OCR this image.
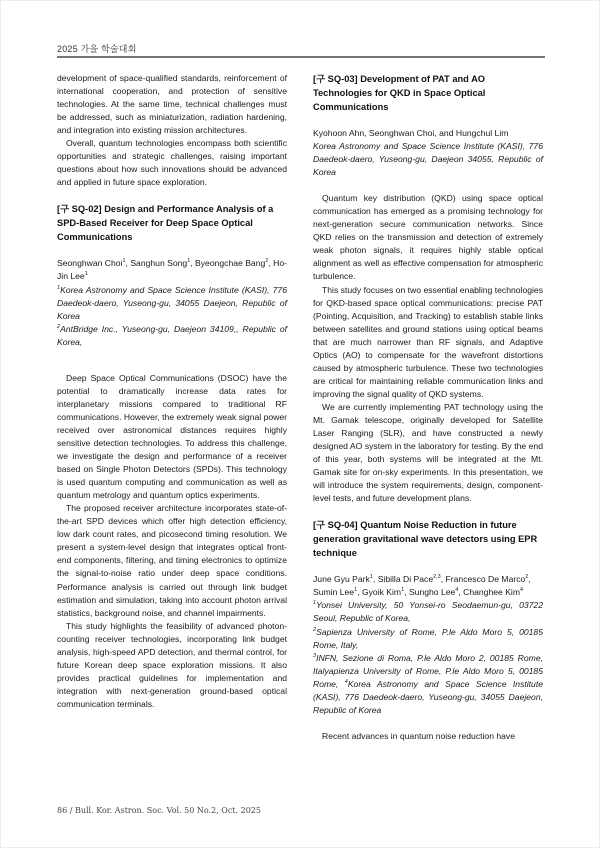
2025 가을 학술대회

development of space-qualified standards, reinforcement of international cooperation, and protection of sensitive technologies. At the same time, technical challenges must be addressed, such as miniaturization, radiation hardening, and integration into existing mission architectures.

Overall, quantum technologies encompass both scientific opportunities and strategic challenges, raising important questions about how such innovations should be advanced and applied in future space exploration.

[구 SQ-02] Design and Performance Analysis of a SPD-Based Receiver for Deep Space Optical Communications

Seonghwan Choi$^1$, Sanghun Song$^1$, Byeongchae Bang$^2$, Ho-Jin Lee$^1$

$^1$Korea Astronomy and Space Science Institute (KASI), 776 Daedeok-daero, Yuseong-gu, 34055 Daejeon, Republic of Korea

$^2$AntBridge Inc., Yuseong-gu, Daejeon 34109,, Republic of Korea,

Deep Space Optical Communications (DSOC) have the potential to dramatically increase data rates for interplanetary missions compared to traditional RF communications. However, the extremely weak signal power received over astronomical distances requires highly sensitive detection technologies. To address this challenge, we investigate the design and performance of a receiver based on Single Photon Detectors (SPDs). This technology is used quantum computing and communication as well as quantum metrology and quantum optics experiments.

The proposed receiver architecture incorporates state-of-the-art SPD devices which offer high detection efficiency, low dark count rates, and picosecond timing resolution. We present a system-level design that integrates optical front-end components, filtering, and timing electronics to optimize the signal-to-noise ratio under deep space conditions. Performance analysis is carried out through link budget estimation and simulation, taking into account photon arrival statistics, background noise, and channel impairments.

This study highlights the feasibility of advanced photon-counting receiver technologies, incorporating link budget analysis, high-speed APD detection, and thermal control, for future Korean deep space exploration missions. It also provides practical guidelines for implementation and integration with next-generation ground-based optical communication terminals.

[구 SQ-03] Development of PAT and AO Technologies for QKD in Space Optical Communications

Kyohoon Ahn, Seonghwan Choi, and Hungchul Lim

Korea Astronomy and Space Science Institute (KASI), 776 Daedeok-daero, Yuseong-gu, Daejeon 34055, Republic of Korea

Quantum key distribution (QKD) using space optical communication has emerged as a promising technology for next-generation secure communication networks. Since QKD relies on the transmission and detection of extremely weak photon signals, it requires highly stable optical alignment as well as effective compensation for atmospheric turbulence.

This study focuses on two essential enabling technologies for QKD-based space optical communications: precise PAT (Pointing, Acquisition, and Tracking) to establish stable links between satellites and ground stations using optical beams that are much narrower than RF signals, and Adaptive Optics (AO) to compensate for the wavefront distortions caused by atmospheric turbulence. These two technologies are critical for maintaining reliable communication links and improving the signal quality of QKD systems.

We are currently implementing PAT technology using the Mt. Gamak telescope, originally developed for Satellite Laser Ranging (SLR), and have constructed a newly designed AO system in the laboratory for testing. By the end of this year, both systems will be integrated at the Mt. Gamak site for on-sky experiments. In this presentation, we will introduce the system requirements, design, component-level tests, and future development plans.

[구 SQ-04] Quantum Noise Reduction in future generation gravitational wave detectors using EPR technique

June Gyu Park$^1$, Sibilla Di Pace$^{2,3}$, Francesco De Marco$^2$, Sumin Lee$^1$, Gyoik Kim$^1$, Sungho Lee$^4$, Changhee Kim$^4$

$^1$Yonsei University, 50 Yonsei-ro Seodaemun-gu, 03722 Seoul, Republic of Korea,

$^2$Sapienza University of Rome, P.le Aldo Moro 5, 00185 Rome, Italy,

$^3$INFN, Sezione di Roma, P.le Aldo Moro 2, 00185 Rome, Italyapienza University of Rome, P.le Aldo Moro 5, 00185 Rome, $^4$Korea Astronomy and Space Science Institute (KASI), 776 Daedeok-daero, Yuseong-gu, 34055 Daejeon, Republic of Korea

Recent advances in quantum noise reduction have

86 / Bull. Kor. Astron. Soc. Vol. 50 No.2, Oct. 2025
